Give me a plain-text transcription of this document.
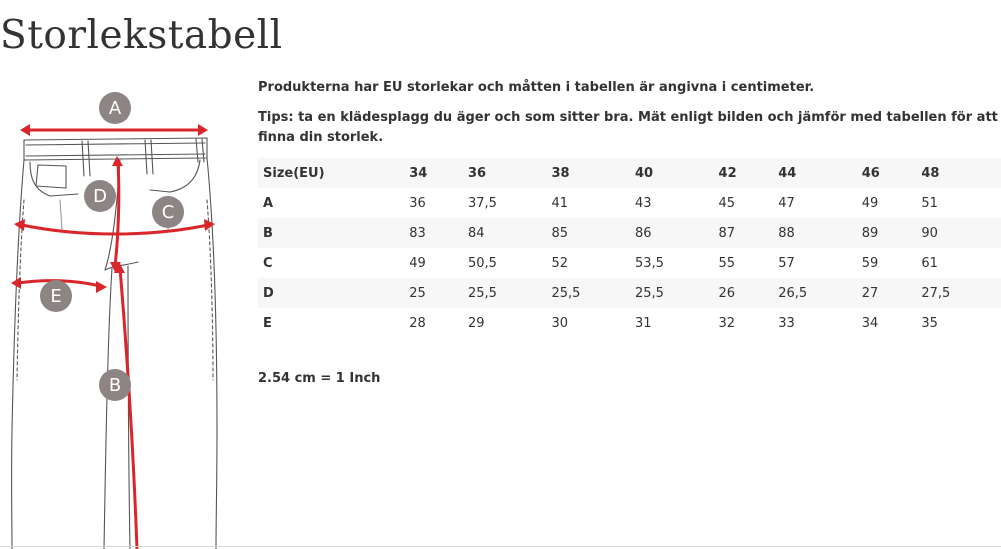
Storlekstabell
A
D
C
E
B

Produkterna har EU storlekar och måtten i tabellen är angivna i centimeter.

Tips: ta en klädesplagg du äger och som sitter bra. Mät enligt bilden och jämför med tabellen för att finna din storlek.

Size(EU)	34	36	38	40	42	44	46	48
A	36	37,5	41	43	45	47	49	51
B	83	84	85	86	87	88	89	90
C	49	50,5	52	53,5	55	57	59	61
D	25	25,5	25,5	25,5	26	26,5	27	27,5
E	28	29	30	31	32	33	34	35

2.54 cm = 1 Inch
